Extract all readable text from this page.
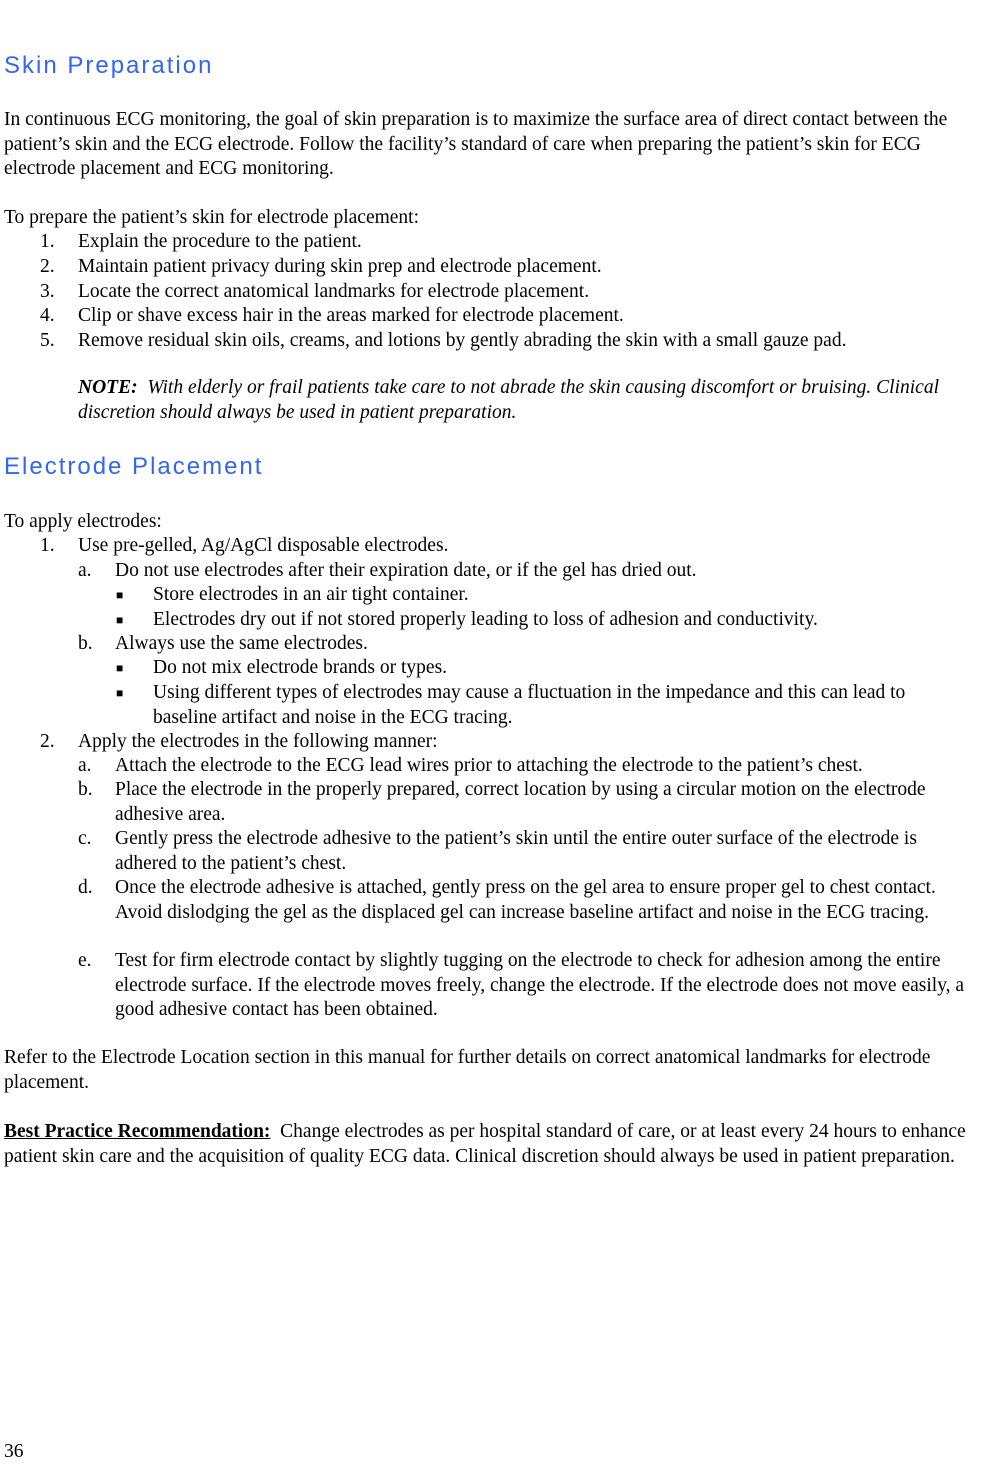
Skin Preparation

In continuous ECG monitoring, the goal of skin preparation is to maximize the surface area of direct contact between the patient’s skin and the ECG electrode. Follow the facility’s standard of care when preparing the patient’s skin for ECG electrode placement and ECG monitoring.

To prepare the patient’s skin for electrode placement:

1. Explain the procedure to the patient.
2. Maintain patient privacy during skin prep and electrode placement.
3. Locate the correct anatomical landmarks for electrode placement.
4. Clip or shave excess hair in the areas marked for electrode placement.
5. Remove residual skin oils, creams, and lotions by gently abrading the skin with a small gauze pad.

NOTE: With elderly or frail patients take care to not abrade the skin causing discomfort or bruising. Clinical discretion should always be used in patient preparation.

Electrode Placement

To apply electrodes:

1. Use pre-gelled, Ag/AgCl disposable electrodes.
a. Do not use electrodes after their expiration date, or if the gel has dried out.
■ Store electrodes in an air tight container.
■ Electrodes dry out if not stored properly leading to loss of adhesion and conductivity.
b. Always use the same electrodes.
■ Do not mix electrode brands or types.
■ Using different types of electrodes may cause a fluctuation in the impedance and this can lead to baseline artifact and noise in the ECG tracing.
2. Apply the electrodes in the following manner:
a. Attach the electrode to the ECG lead wires prior to attaching the electrode to the patient’s chest.
b. Place the electrode in the properly prepared, correct location by using a circular motion on the electrode adhesive area.
c. Gently press the electrode adhesive to the patient’s skin until the entire outer surface of the electrode is adhered to the patient’s chest.
d. Once the electrode adhesive is attached, gently press on the gel area to ensure proper gel to chest contact. Avoid dislodging the gel as the displaced gel can increase baseline artifact and noise in the ECG tracing.
e. Test for firm electrode contact by slightly tugging on the electrode to check for adhesion among the entire electrode surface. If the electrode moves freely, change the electrode. If the electrode does not move easily, a good adhesive contact has been obtained.

Refer to the Electrode Location section in this manual for further details on correct anatomical landmarks for electrode placement.

Best Practice Recommendation: Change electrodes as per hospital standard of care, or at least every 24 hours to enhance patient skin care and the acquisition of quality ECG data. Clinical discretion should always be used in patient preparation.

36
